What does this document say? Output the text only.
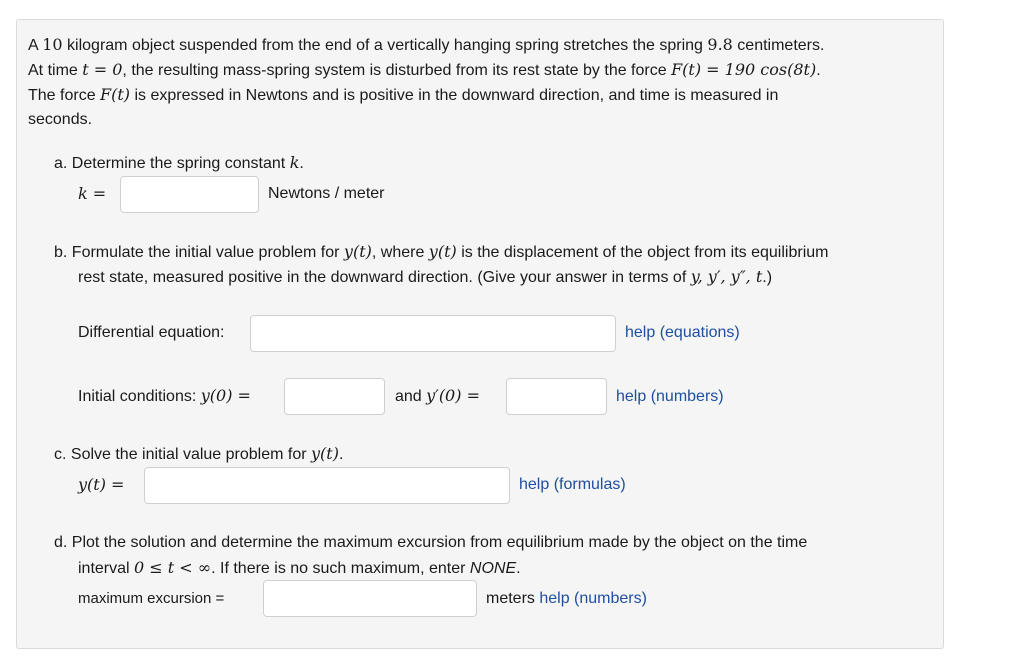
A 10 kilogram object suspended from the end of a vertically hanging spring stretches the spring 9.8 centimeters.
At time t = 0, the resulting mass-spring system is disturbed from its rest state by the force F(t) = 190 cos(8t).
The force F(t) is expressed in Newtons and is positive in the downward direction, and time is measured in
seconds.
a. Determine the spring constant k.
k =	Newtons / meter
b. Formulate the initial value problem for y(t), where y(t) is the displacement of the object from its equilibrium
rest state, measured positive in the downward direction. (Give your answer in terms of y, y′, y″, t.)
Differential equation:	help (equations)
Initial conditions: y(0) =	and y′(0) =	help (numbers)
c. Solve the initial value problem for y(t).
y(t) =	help (formulas)
d. Plot the solution and determine the maximum excursion from equilibrium made by the object on the time
interval 0 ≤ t < ∞. If there is no such maximum, enter NONE.
maximum excursion =	meters help (numbers)
